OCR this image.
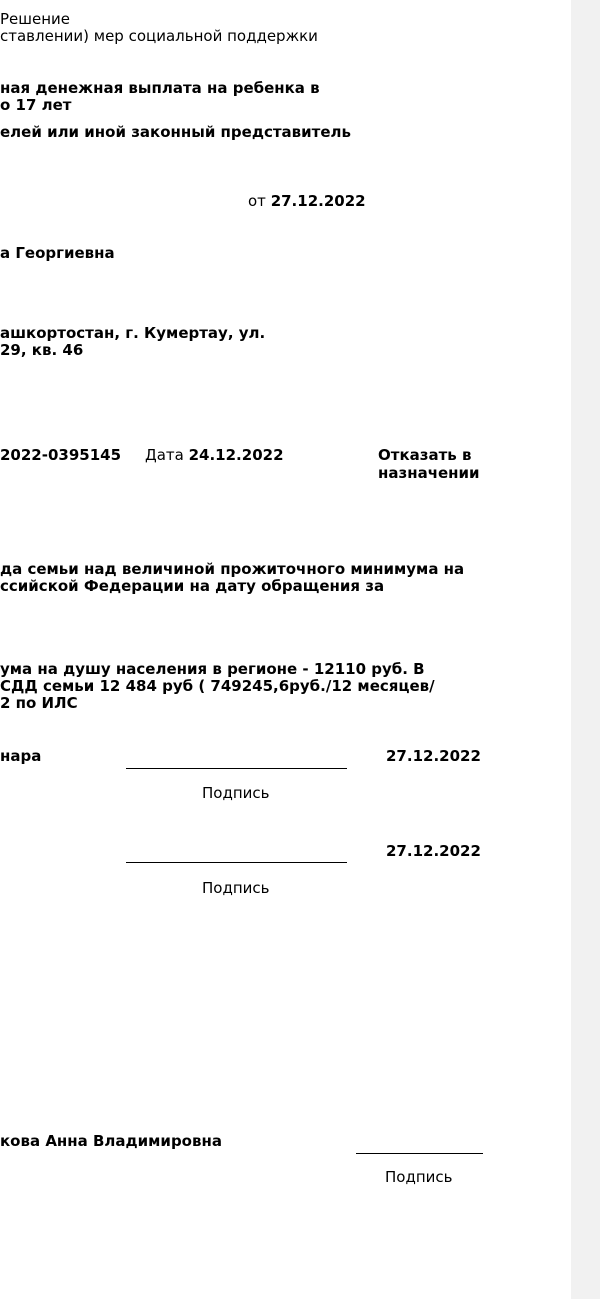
Решение
ставлении) мер социальной поддержки
ная денежная выплата на ребенка в
о 17 лет
елей или иной законный представитель
от 27.12.2022
а Георгиевна
ашкортостан, г. Кумертау, ул.
29, кв. 46
2022-0395145 Дата 24.12.2022	Отказать в
назначении
да семьи над величиной прожиточного минимума на
ссийской Федерации на дату обращения за
ума на душу населения в регионе - 12110 руб. В
СДД семьи 12 484 руб ( 749245,6руб./12 месяцев/
2 по ИЛС
нара	27.12.2022
Подпись
27.12.2022
Подпись
кова Анна Владимировна
Подпись
